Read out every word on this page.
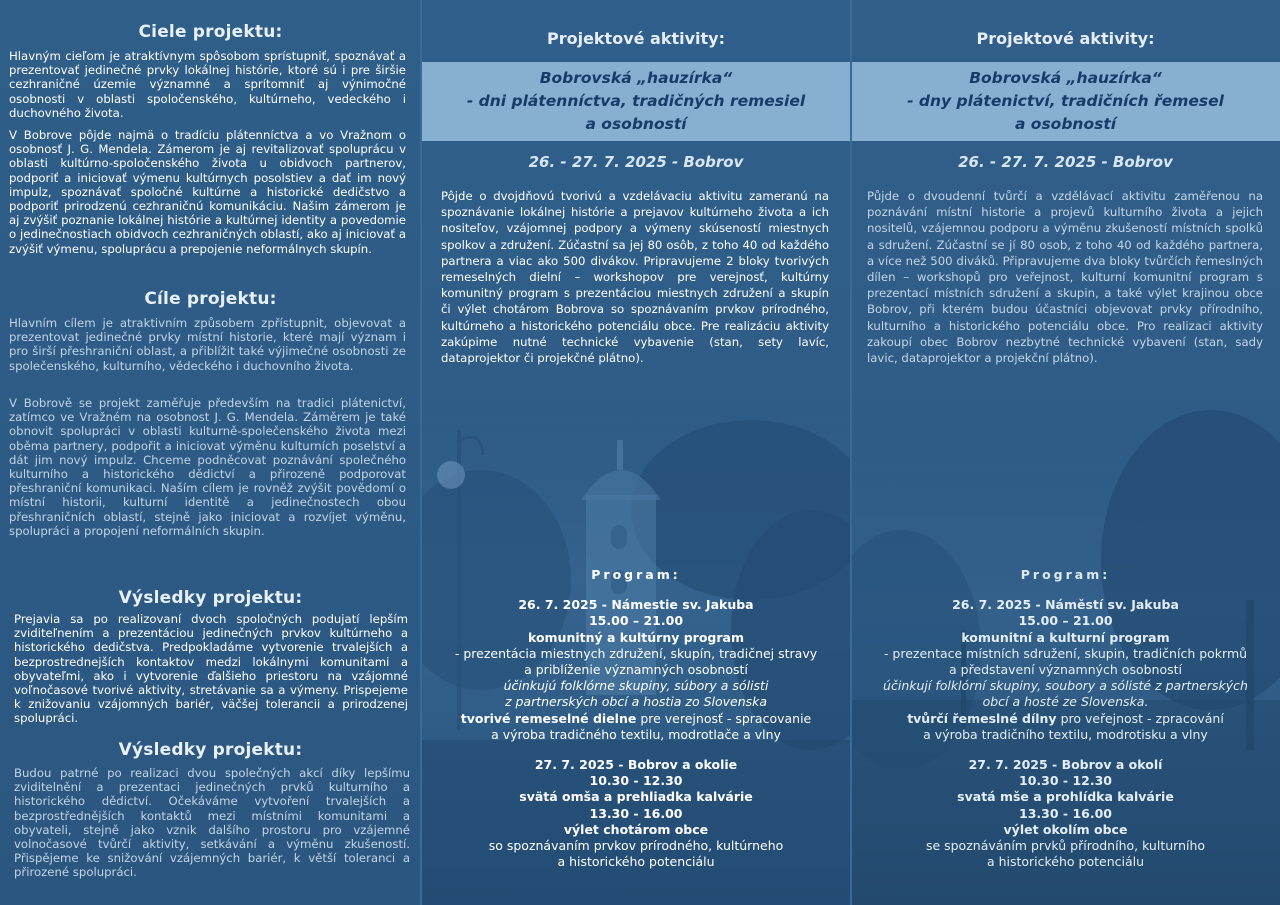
Ciele projektu:
Hlavným cieľom je atraktívnym spôsobom sprístupniť, spoznávať a prezentovať jedinečné prvky lokálnej histórie, ktoré sú i pre širšie cezhraničné územie významné a sprítomniť aj výnimočné osobnosti v oblasti spoločenského, kultúrneho, vedeckého i duchovného života.
V Bobrove pôjde najmä o tradíciu plátenníctva a vo Vražnom o osobnosť J. G. Mendela. Zámerom je aj revitalizovať spoluprácu v oblasti kultúrno-spoločenského života u obidvoch partnerov, podporiť a iniciovať výmenu kultúrnych posolstiev a dať im nový impulz, spoznávať spoločné kultúrne a historické dedičstvo a podporiť prirodzenú cezhraničnú komunikáciu. Našim zámerom je aj zvýšiť poznanie lokálnej histórie a kultúrnej identity a povedomie o jedinečnostiach obidvoch cezhraničných oblastí, ako aj iniciovať a zvýšiť výmenu, spoluprácu a prepojenie neformálnych skupín.
Cíle projektu:
Hlavním cílem je atraktivním způsobem zpřístupnit, objevovat a prezentovat jedinečné prvky místní historie, které mají význam i pro širší přeshraniční oblast, a přiblížit také výjimečné osobnosti ze společenského, kulturního, vědeckého i duchovního života.
V Bobrově se projekt zaměřuje především na tradici plátenictví, zatímco ve Vražném na osobnost J. G. Mendela. Záměrem je také obnovit spolupráci v oblasti kulturně-společenského života mezi oběma partnery, podpořit a iniciovat výměnu kulturních poselství a dát jim nový impulz. Chceme podněcovat poznávání společného kulturního a historického dědictví a přirozeně podporovat přeshraniční komunikaci. Naším cílem je rovněž zvýšit povědomí o místní historii, kulturní identitě a jedinečnostech obou přeshraničních oblastí, stejně jako iniciovat a rozvíjet výměnu, spolupráci a propojení neformálních skupin.
Výsledky projektu:
Prejavia sa po realizovaní dvoch spoločných podujatí lepším zviditeľnením a prezentáciou jedinečných prvkov kultúrneho a historického dedičstva. Predpokladáme vytvorenie trvalejších a bezprostrednejších kontaktov medzi lokálnymi komunitami a obyvateľmi, ako i vytvorenie ďalšieho priestoru na vzájomné voľnočasové tvorivé aktivity, stretávanie sa a výmeny. Prispejeme k znižovaniu vzájomných bariér, väčšej tolerancii a prirodzenej spolupráci.
Výsledky projektu:
Budou patrné po realizaci dvou společných akcí díky lepšímu zviditelnění a prezentaci jedinečných prvků kulturního a historického dědictví. Očekáváme vytvoření trvalejších a bezprostřednějších kontaktů mezi místními komunitami a obyvateli, stejně jako vznik dalšího prostoru pro vzájemné volnočasové tvůrčí aktivity, setkávání a výměnu zkušeností. Přispějeme ke snižování vzájemných bariér, k větší toleranci a přirozené spolupráci.
Projektové aktivity:
Bobrovská „hauzírka“
- dni plátenníctva, tradičných remesiel
a osobností
26. - 27. 7. 2025 - Bobrov
Pôjde o dvojdňovú tvorivú a vzdelávaciu aktivitu zameranú na spoznávanie lokálnej histórie a prejavov kultúrneho života a ich nositeľov, vzájomnej podpory a výmeny skúseností miestnych spolkov a združení. Zúčastní sa jej 80 osôb, z toho 40 od každého partnera a viac ako 500 divákov. Pripravujeme 2 bloky tvorivých remeselných dielní – workshopov pre verejnosť, kultúrny komunitný program s prezentáciou miestnych združení a skupín či výlet chotárom Bobrova so spoznávaním prvkov prírodného, kultúrneho a historického potenciálu obce. Pre realizáciu aktivity zakúpime nutné technické vybavenie (stan, sety lavíc, dataprojektor či projekčné plátno).
Program:
26. 7. 2025 - Námestie sv. Jakuba
15.00 – 21.00
komunitný a kultúrny program
- prezentácia miestnych združení, skupín, tradičnej stravy
a priblíženie významných osobností
účinkujú folklórne skupiny, súbory a sólisti
z partnerských obcí a hostia zo Slovenska
tvorivé remeselné dielne pre verejnosť - spracovanie
a výroba tradičného textilu, modrotlače a vlny
27. 7. 2025 - Bobrov a okolie
10.30 - 12.30
svätá omša a prehliadka kalvárie
13.30 - 16.00
výlet chotárom obce
so spoznávaním prvkov prírodného, kultúrneho
a historického potenciálu
Projektové aktivity:
Bobrovská „hauzírka“
- dny plátenictví, tradičních řemesel
a osobností
26. - 27. 7. 2025 - Bobrov
Půjde o dvoudenní tvůrčí a vzdělávací aktivitu zaměřenou na poznávání místní historie a projevů kulturního života a jejich nositelů, vzájemnou podporu a výměnu zkušeností místních spolků a sdružení. Zúčastní se jí 80 osob, z toho 40 od každého partnera, a více než 500 diváků. Připravujeme dva bloky tvůrčích řemeslných dílen – workshopů pro veřejnost, kulturní komunitní program s prezentací místních sdružení a skupin, a také výlet krajinou obce Bobrov, při kterém budou účastníci objevovat prvky přírodního, kulturního a historického potenciálu obce. Pro realizaci aktivity zakoupí obec Bobrov nezbytné technické vybavení (stan, sady lavic, dataprojektor a projekční plátno).
Program:
26. 7. 2025 - Náměstí sv. Jakuba
15.00 – 21.00
komunitní a kulturní program
- prezentace místních sdružení, skupin, tradičních pokrmů
a představení významných osobností
účinkují folklórní skupiny, soubory a sólisté z partnerských
obcí a hosté ze Slovenska.
tvůrčí řemeslné dílny pro veřejnost - zpracování
a výroba tradičního textilu, modrotisku a vlny
27. 7. 2025 - Bobrov a okolí
10.30 - 12.30
svatá mše a prohlídka kalvárie
13.30 - 16.00
výlet okolím obce
se spoznáváním prvků přírodního, kulturního
a historického potenciálu
